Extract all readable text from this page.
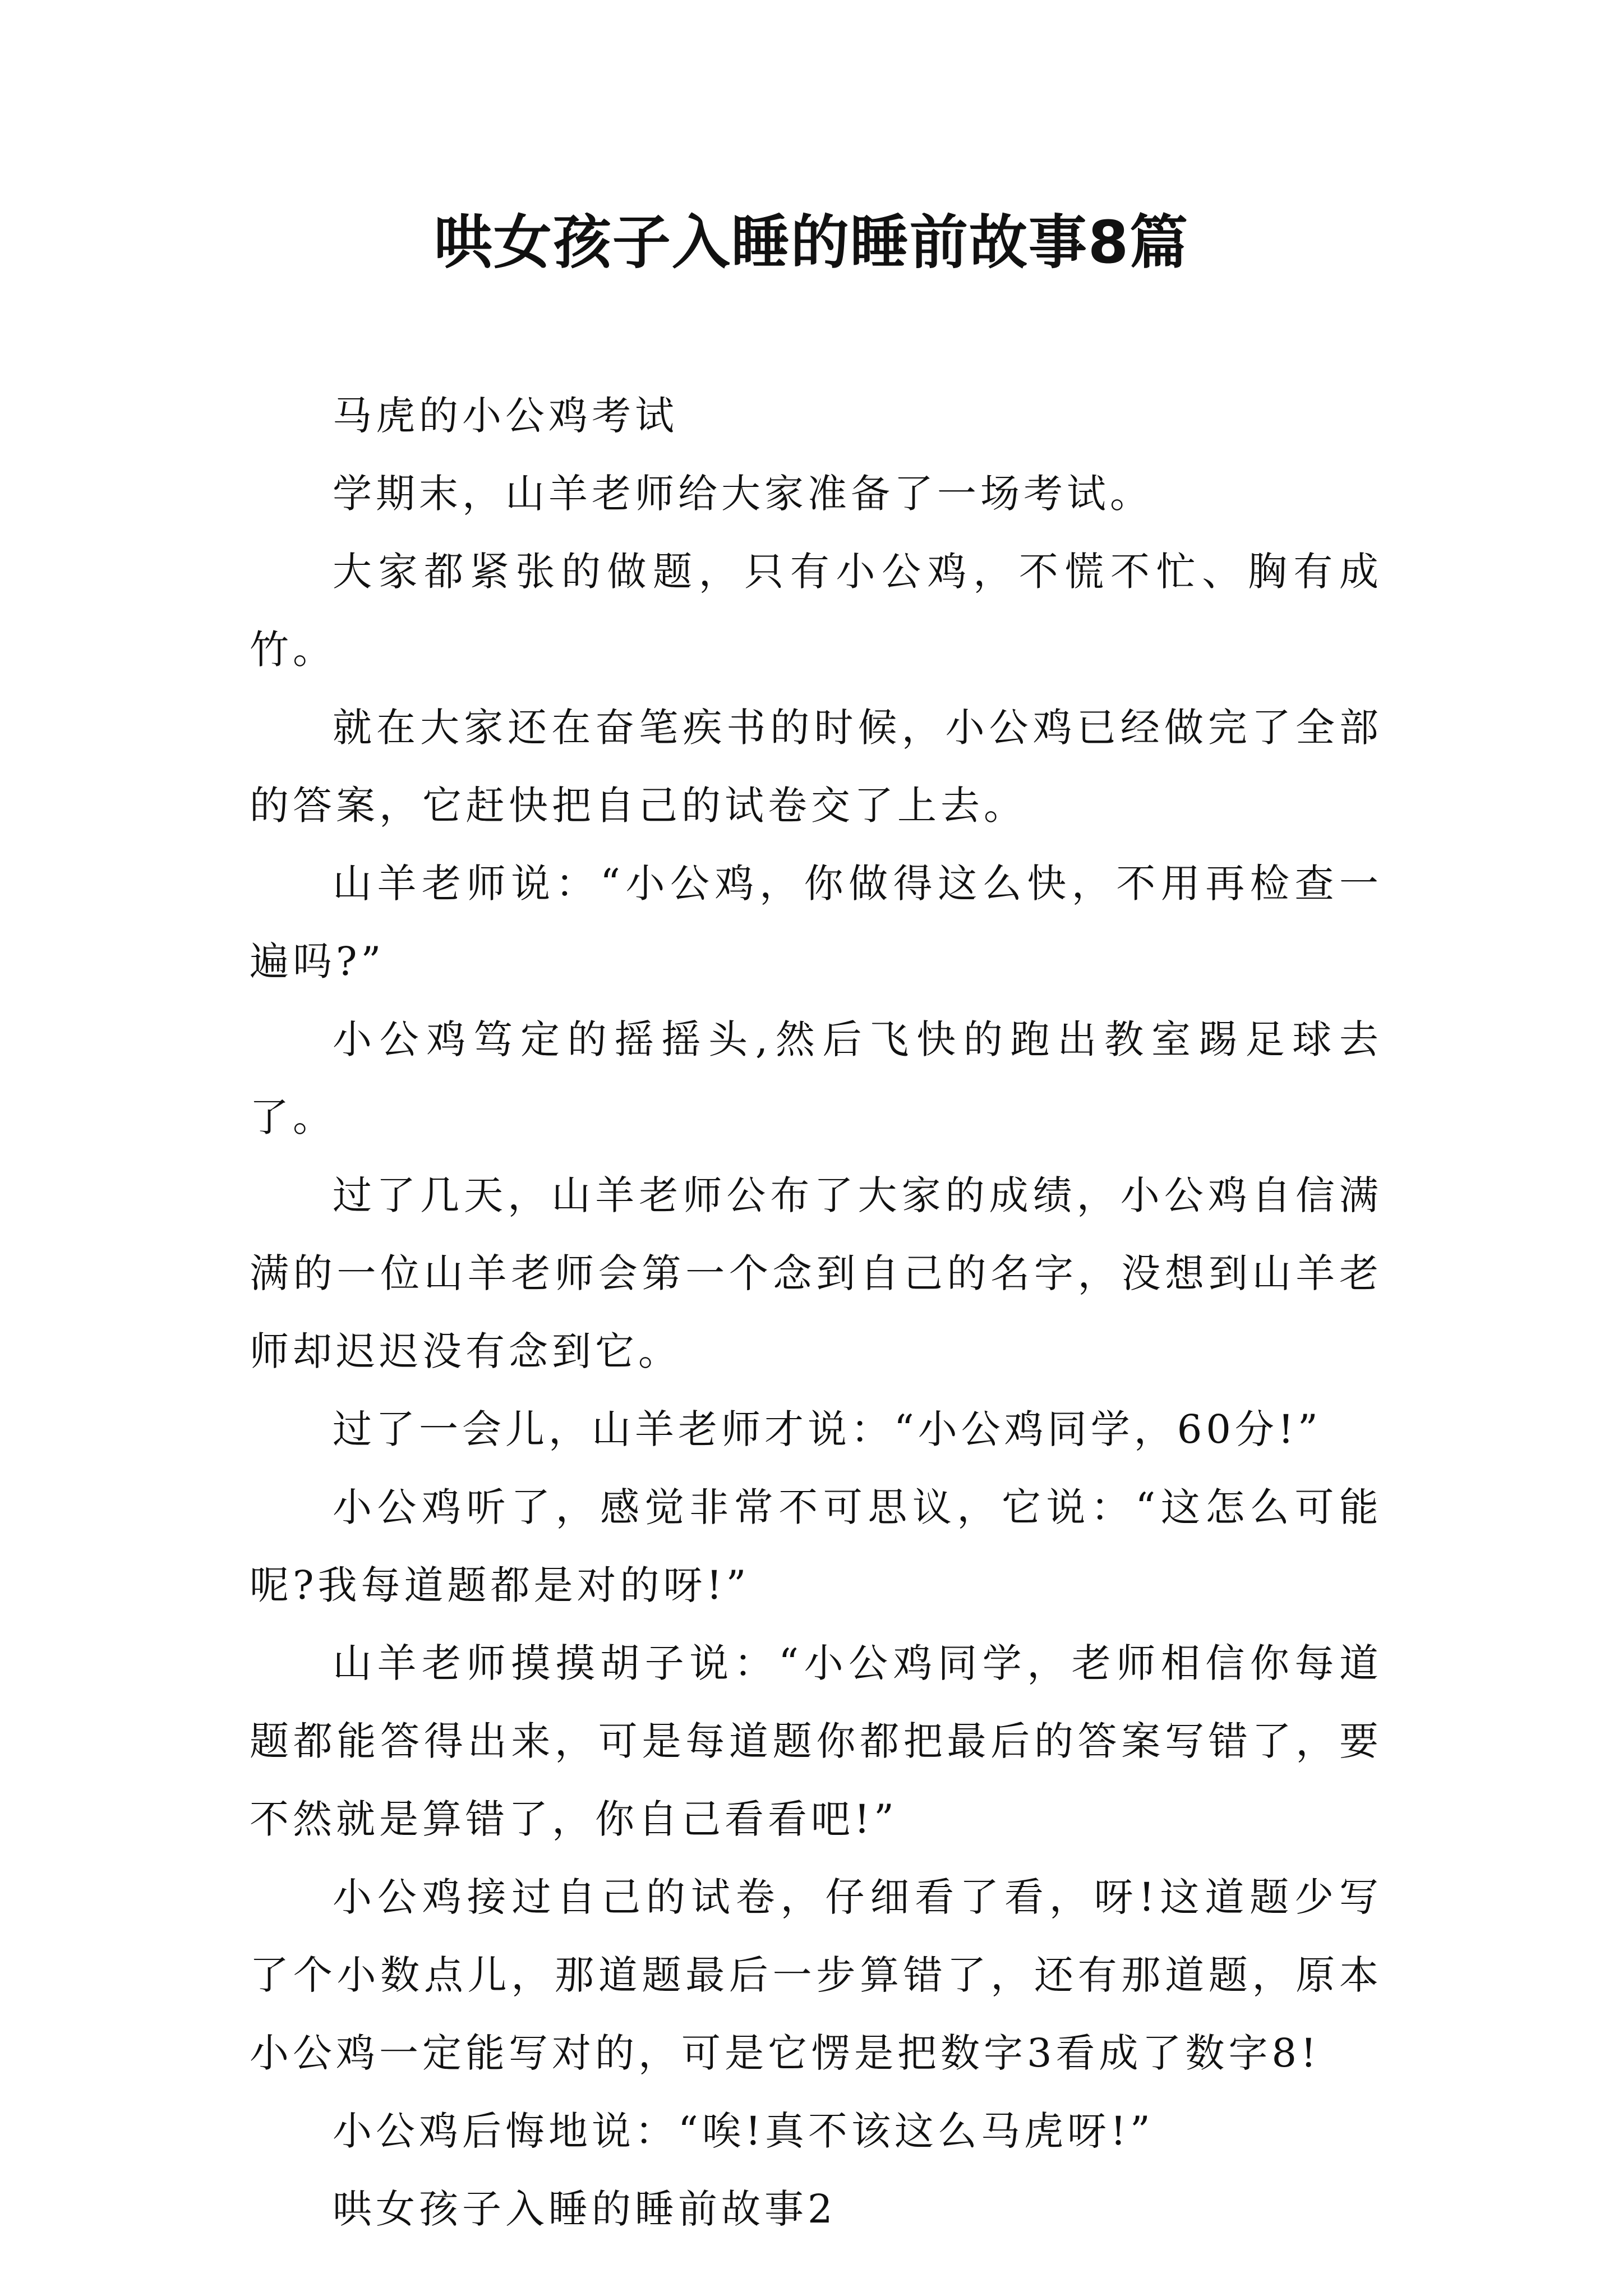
哄女孩子入睡的睡前故事8篇

马虎的小公鸡考试

学期末，山羊老师给大家准备了一场考试。

大家都紧张的做题，只有小公鸡，不慌不忙、胸有成竹。

就在大家还在奋笔疾书的时候，小公鸡已经做完了全部的答案，它赶快把自己的试卷交了上去。

山羊老师说：“小公鸡，你做得这么快，不用再检查一遍吗?”

小公鸡笃定的摇摇头,然后飞快的跑出教室踢足球去了。

过了几天，山羊老师公布了大家的成绩，小公鸡自信满满的一位山羊老师会第一个念到自己的名字，没想到山羊老师却迟迟没有念到它。

过了一会儿，山羊老师才说：“小公鸡同学，60分!”

小公鸡听了，感觉非常不可思议，它说：“这怎么可能呢?我每道题都是对的呀!”

山羊老师摸摸胡子说：“小公鸡同学，老师相信你每道题都能答得出来，可是每道题你都把最后的答案写错了，要不然就是算错了，你自己看看吧!”

小公鸡接过自己的试卷，仔细看了看，呀!这道题少写了个小数点儿，那道题最后一步算错了，还有那道题，原本小公鸡一定能写对的，可是它愣是把数字3看成了数字8!

小公鸡后悔地说：“唉!真不该这么马虎呀!”

哄女孩子入睡的睡前故事2
